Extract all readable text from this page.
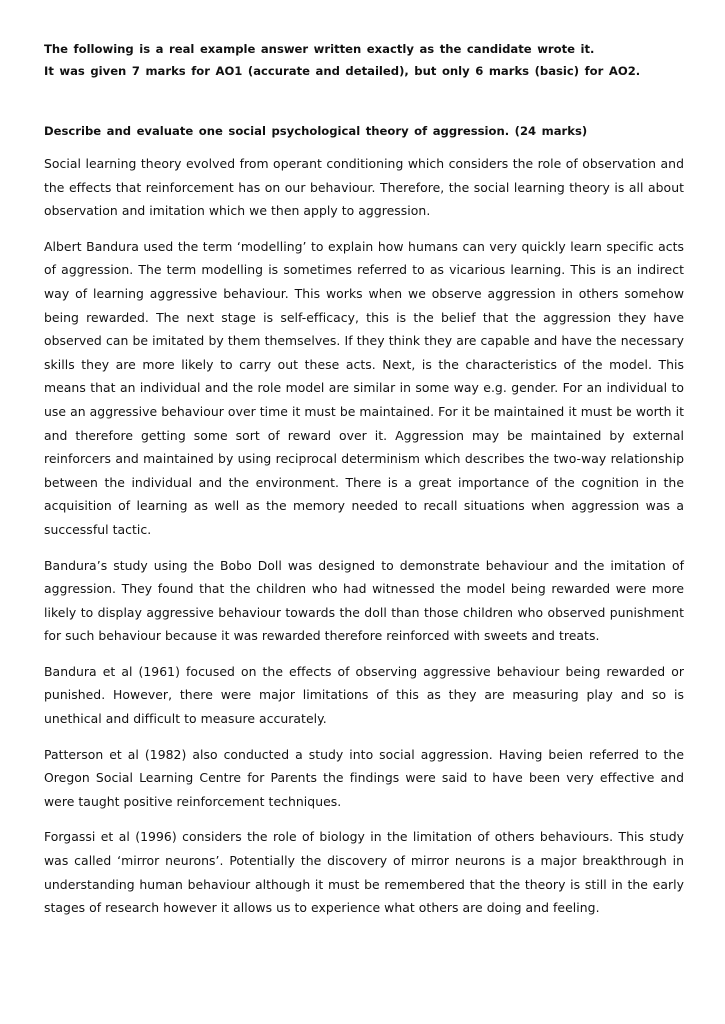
The following is a real example answer written exactly as the candidate wrote it.

It was given 7 marks for AO1 (accurate and detailed), but only 6 marks (basic) for AO2.

Describe and evaluate one social psychological theory of aggression. (24 marks)

Social learning theory evolved from operant conditioning which considers the role of observation and the effects that reinforcement has on our behaviour. Therefore, the social learning theory is all about observation and imitation which we then apply to aggression.

Albert Bandura used the term ‘modelling’ to explain how humans can very quickly learn specific acts of aggression. The term modelling is sometimes referred to as vicarious learning. This is an indirect way of learning aggressive behaviour. This works when we observe aggression in others somehow being rewarded. The next stage is self-efficacy, this is the belief that the aggression they have observed can be imitated by them themselves. If they think they are capable and have the necessary skills they are more likely to carry out these acts. Next, is the characteristics of the model. This means that an individual and the role model are similar in some way e.g. gender. For an individual to use an aggressive behaviour over time it must be maintained. For it be maintained it must be worth it and therefore getting some sort of reward over it. Aggression may be maintained by external reinforcers and maintained by using reciprocal determinism which describes the two-way relationship between the individual and the environment. There is a great importance of the cognition in the acquisition of learning as well as the memory needed to recall situations when aggression was a successful tactic.

Bandura’s study using the Bobo Doll was designed to demonstrate behaviour and the imitation of aggression. They found that the children who had witnessed the model being rewarded were more likely to display aggressive behaviour towards the doll than those children who observed punishment for such behaviour because it was rewarded therefore reinforced with sweets and treats.

Bandura et al (1961) focused on the effects of observing aggressive behaviour being rewarded or punished. However, there were major limitations of this as they are measuring play and so is unethical and difficult to measure accurately.

Patterson et al (1982) also conducted a study into social aggression. Having beien referred to the Oregon Social Learning Centre for Parents the findings were said to have been very effective and were taught positive reinforcement techniques.

Forgassi et al (1996) considers the role of biology in the limitation of others behaviours. This study was called ‘mirror neurons’. Potentially the discovery of mirror neurons is a major breakthrough in understanding human behaviour although it must be remembered that the theory is still in the early stages of research however it allows us to experience what others are doing and feeling.
